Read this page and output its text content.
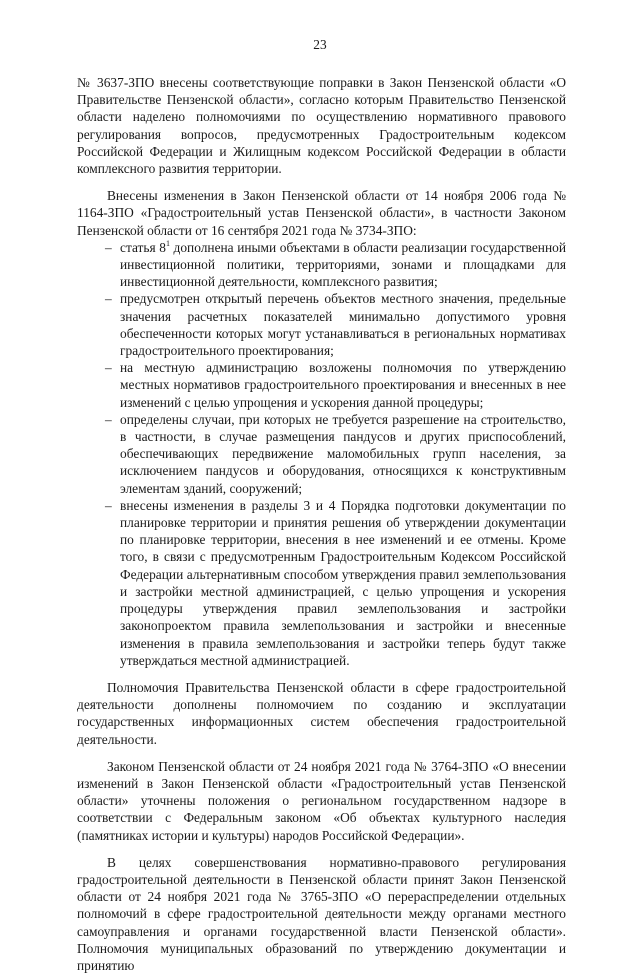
23

№ 3637-ЗПО внесены соответствующие поправки в Закон Пензенской области «О Правительстве Пензенской области», согласно которым Правительство Пензенской области наделено полномочиями по осуществлению нормативного правового регулирования вопросов, предусмотренных Градостроительным кодексом Российской Федерации и Жилищным кодексом Российской Федерации в области комплексного развития территории.

Внесены изменения в Закон Пензенской области от 14 ноября 2006 года № 1164-ЗПО «Градостроительный устав Пензенской области», в частности Законом Пензенской области от 16 сентября 2021 года № 3734-ЗПО:

– статья $8^1$ дополнена иными объектами в области реализации государственной инвестиционной политики, территориями, зонами и площадками для инвестиционной деятельности, комплексного развития;
– предусмотрен открытый перечень объектов местного значения, предельные значения расчетных показателей минимально допустимого уровня обеспеченности которых могут устанавливаться в региональных нормативах градостроительного проектирования;
– на местную администрацию возложены полномочия по утверждению местных нормативов градостроительного проектирования и внесенных в нее изменений с целью упрощения и ускорения данной процедуры;
– определены случаи, при которых не требуется разрешение на строительство, в частности, в случае размещения пандусов и других приспособлений, обеспечивающих передвижение маломобильных групп населения, за исключением пандусов и оборудования, относящихся к конструктивным элементам зданий, сооружений;
– внесены изменения в разделы 3 и 4 Порядка подготовки документации по планировке территории и принятия решения об утверждении документации по планировке территории, внесения в нее изменений и ее отмены. Кроме того, в связи с предусмотренным Градостроительным Кодексом Российской Федерации альтернативным способом утверждения правил землепользования и застройки местной администрацией, с целью упрощения и ускорения процедуры утверждения правил землепользования и застройки законопроектом правила землепользования и застройки и внесенные изменения в правила землепользования и застройки теперь будут также утверждаться местной администрацией.

Полномочия Правительства Пензенской области в сфере градостроительной деятельности дополнены полномочием по созданию и эксплуатации государственных информационных систем обеспечения градостроительной деятельности.

Законом Пензенской области от 24 ноября 2021 года № 3764-ЗПО «О внесении изменений в Закон Пензенской области «Градостроительный устав Пензенской области» уточнены положения о региональном государственном надзоре в соответствии с Федеральным законом «Об объектах культурного наследия (памятниках истории и культуры) народов Российской Федерации».

В целях совершенствования нормативно-правового регулирования градостроительной деятельности в Пензенской области принят Закон Пензенской области от 24 ноября 2021 года № 3765-ЗПО «О перераспределении отдельных полномочий в сфере градостроительной деятельности между органами местного самоуправления и органами государственной власти Пензенской области». Полномочия муниципальных образований по утверждению документации и принятию
